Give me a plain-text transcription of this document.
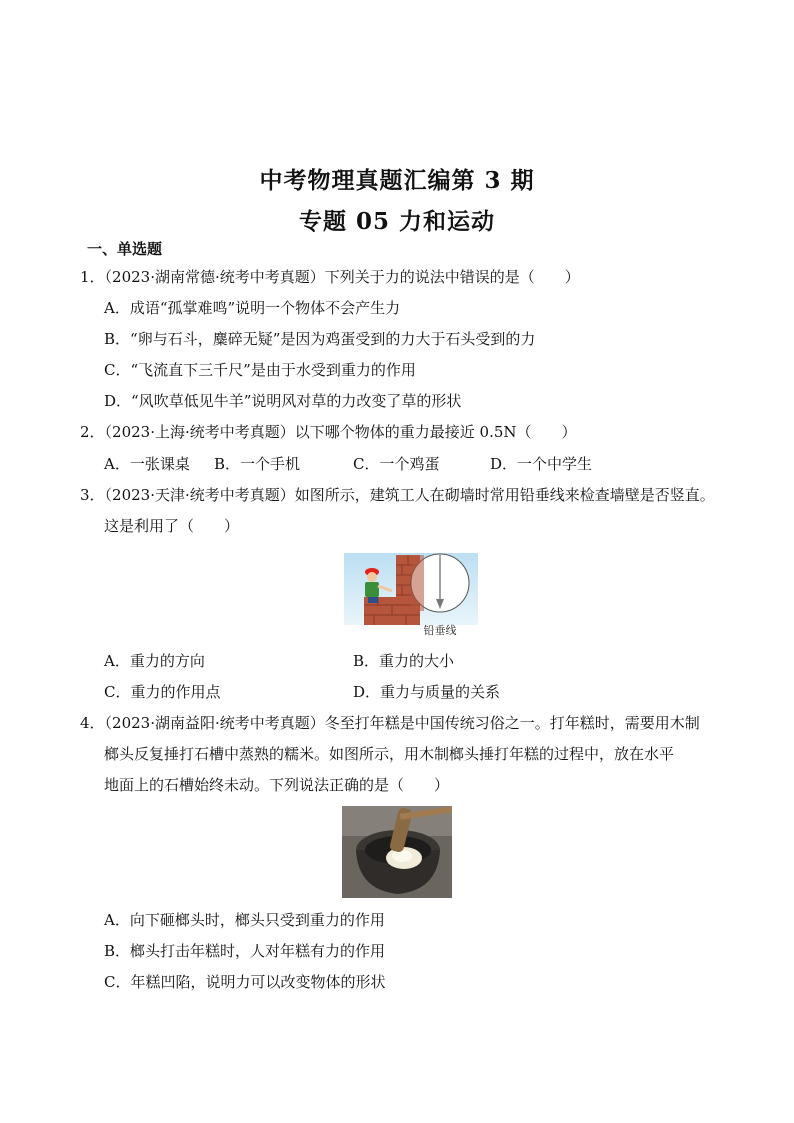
中考物理真题汇编第 3 期
专题 05 力和运动
一、单选题
1．（2023·湖南常德·统考中考真题）下列关于力的说法中错误的是（　　）
A．成语“孤掌难鸣”说明一个物体不会产生力
B．“卵与石斗，麋碎无疑”是因为鸡蛋受到的力大于石头受到的力
C．“飞流直下三千尺”是由于水受到重力的作用
D．“风吹草低见牛羊”说明风对草的力改变了草的形状
2．（2023·上海·统考中考真题）以下哪个物体的重力最接近 0.5N（　　）
A．一张课桌 B．一个手机	C．一个鸡蛋	D．一个中学生
3．（2023·天津·统考中考真题）如图所示，建筑工人在砌墙时常用铅垂线来检查墙壁是否竖直。
这是利用了（　　）
铅垂线
A．重力的方向	B．重力的大小
C．重力的作用点	D．重力与质量的关系
4．（2023·湖南益阳·统考中考真题）冬至打年糕是中国传统习俗之一。打年糕时，需要用木制
榔头反复捶打石槽中蒸熟的糯米。如图所示，用木制榔头捶打年糕的过程中，放在水平
地面上的石槽始终未动。下列说法正确的是（　　）
A．向下砸榔头时，榔头只受到重力的作用
B．榔头打击年糕时，人对年糕有力的作用
C．年糕凹陷，说明力可以改变物体的形状
